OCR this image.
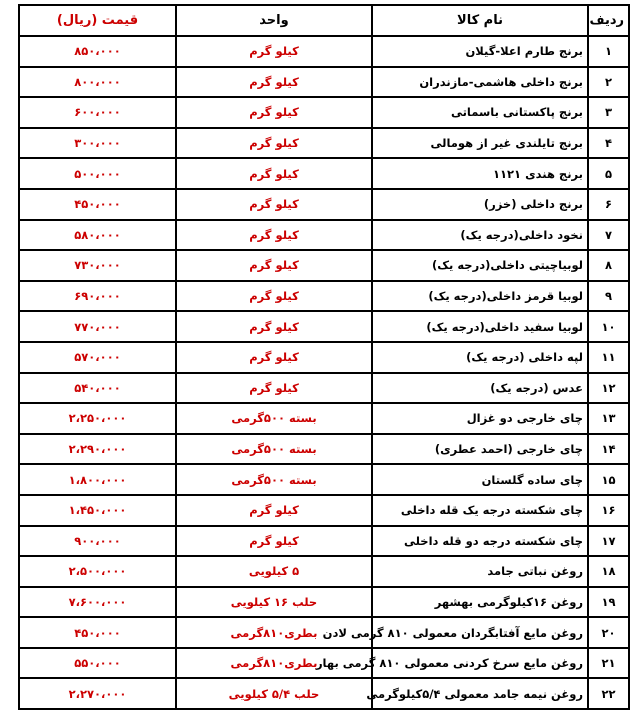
ردیف	نام کالا	واحد	قیمت (ریال)
۱	برنج طارم اعلا-گیلان	کیلو گرم	۸۵۰،۰۰۰
۲	برنج داخلی هاشمی-مازندران	کیلو گرم	۸۰۰،۰۰۰
۳	برنج پاکستانی باسماتی	کیلو گرم	۶۰۰،۰۰۰
۴	برنج تایلندی غیر از هومالی	کیلو گرم	۳۰۰،۰۰۰
۵	برنج هندی ۱۱۲۱	کیلو گرم	۵۰۰،۰۰۰
۶	برنج داخلی (خزر)	کیلو گرم	۴۵۰،۰۰۰
۷	نخود داخلی(درجه یک)	کیلو گرم	۵۸۰،۰۰۰
۸	لوبیاچیتی داخلی(درجه یک)	کیلو گرم	۷۳۰،۰۰۰
۹	لوبیا قرمز داخلی(درجه یک)	کیلو گرم	۶۹۰،۰۰۰
۱۰	لوبیا سفید داخلی(درجه یک)	کیلو گرم	۷۷۰،۰۰۰
۱۱	لپه داخلی (درجه یک)	کیلو گرم	۵۷۰،۰۰۰
۱۲	عدس (درجه یک)	کیلو گرم	۵۴۰،۰۰۰
۱۳	چای خارجی دو غزال	بسته ۵۰۰گرمی	۲،۲۵۰،۰۰۰
۱۴	چای خارجی (احمد عطری)	بسته ۵۰۰گرمی	۲،۲۹۰،۰۰۰
۱۵	چای ساده گلستان	بسته ۵۰۰گرمی	۱،۸۰۰،۰۰۰
۱۶	چای شکسته درجه یک قله داخلی	کیلو گرم	۱،۴۵۰،۰۰۰
۱۷	چای شکسته درجه دو قله داخلی	کیلو گرم	۹۰۰،۰۰۰
۱۸	روغن نباتی جامد	۵ کیلویی	۲،۵۰۰،۰۰۰
۱۹	روغن ۱۶کیلوگرمی بهشهر	حلب ۱۶ کیلویی	۷،۶۰۰،۰۰۰
۲۰	روغن مایع آفتابگردان معمولی ۸۱۰ گرمی لادن	بطری۸۱۰گرمی	۴۵۰،۰۰۰
۲۱	روغن مایع سرخ کردنی معمولی ۸۱۰ گرمی بهار	بطری۸۱۰گرمی	۵۵۰،۰۰۰
۲۲	روغن نیمه جامد معمولی ۵/۴کیلوگرمی	حلب ۵/۴ کیلویی	۲،۲۷۰،۰۰۰
